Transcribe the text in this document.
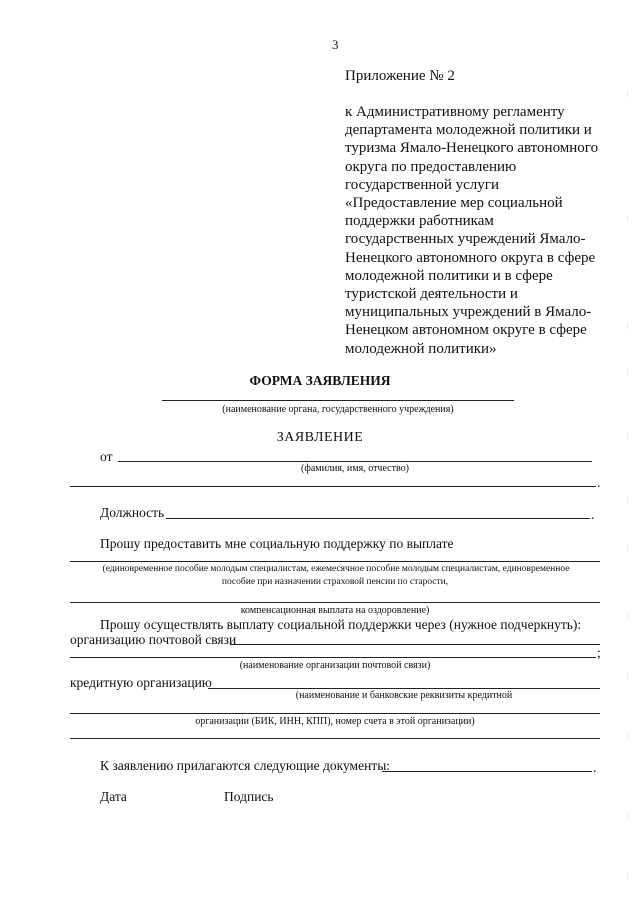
3
Приложение № 2
к Административному регламенту
департамента молодежной политики и
туризма Ямало-Ненецкого автономного
округа по предоставлению
государственной услуги
«Предоставление мер социальной
поддержки работникам
государственных учреждений Ямало-
Ненецкого автономного округа в сфере
молодежной политики и в сфере
туристской деятельности и
муниципальных учреждений в Ямало-
Ненецком автономном округе в сфере
молодежной политики»
ФОРМА ЗАЯВЛЕНИЯ
(наименование органа, государственного учреждения)
ЗАЯВЛЕНИЕ
от
(фамилия, имя, отчество)
.
Должность	.
Прошу предоставить мне социальную поддержку по выплате
(единовременное пособие молодым специалистам, ежемесячное пособие молодым специалистам, единовременное
пособие при назначении страховой пенсии по старости,
компенсационная выплата на оздоровление)
Прошу осуществлять выплату социальной поддержки через (нужное подчеркнуть):
организацию почтовой связи
;
(наименование организации почтовой связи)
кредитную организацию
(наименование и банковские реквизиты кредитной
организации (БИК, ИНН, КПП), номер счета в этой организации)
К заявлению прилагаются следующие документы:	.
Дата	Подпись
⋮
⋮
⋮
⋮
⋮
⋮
⋮
⋮
⋮
⋮
⋮
⋮
